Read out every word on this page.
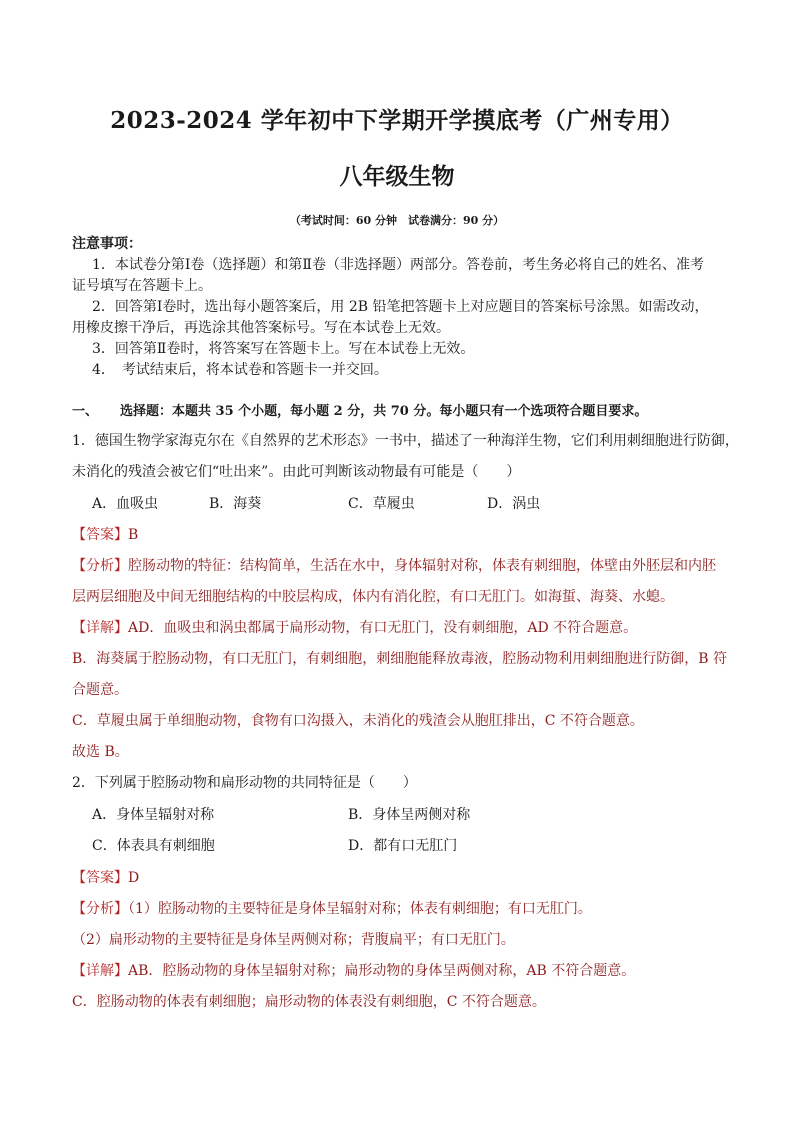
2023-2024 学年初中下学期开学摸底考（广州专用）
八年级生物
（考试时间：60 分钟　试卷满分：90 分）
注意事项：
1．本试卷分第Ⅰ卷（选择题）和第Ⅱ卷（非选择题）两部分。答卷前，考生务必将自己的姓名、准考
证号填写在答题卡上。
2．回答第Ⅰ卷时，选出每小题答案后，用 2B 铅笔把答题卡上对应题目的答案标号涂黑。如需改动，
用橡皮擦干净后，再选涂其他答案标号。写在本试卷上无效。
3．回答第Ⅱ卷时，将答案写在答题卡上。写在本试卷上无效。
4．　考试结束后，将本试卷和答题卡一并交回。
一、 选择题：本题共 35 个小题，每小题 2 分，共 70 分。每小题只有一个选项符合题目要求。
1．德国生物学家海克尔在《自然界的艺术形态》一书中，描述了一种海洋生物，它们利用刺细胞进行防御，
未消化的残渣会被它们“吐出来”。由此可判断该动物最有可能是（　　）
A．血吸虫	B．海葵	C．草履虫	D．涡虫
【答案】B
【分析】腔肠动物的特征：结构简单，生活在水中，身体辐射对称，体表有刺细胞，体壁由外胚层和内胚
层两层细胞及中间无细胞结构的中胶层构成，体内有消化腔，有口无肛门。如海蜇、海葵、水螅。
【详解】AD．血吸虫和涡虫都属于扁形动物，有口无肛门，没有刺细胞，AD 不符合题意。
B．海葵属于腔肠动物，有口无肛门，有刺细胞，刺细胞能释放毒液，腔肠动物利用刺细胞进行防御，B 符
合题意。
C．草履虫属于单细胞动物，食物有口沟摄入，未消化的残渣会从胞肛排出，C 不符合题意。
故选 B。
2．下列属于腔肠动物和扁形动物的共同特征是（　　）
A．身体呈辐射对称	B．身体呈两侧对称
C．体表具有刺细胞	D．都有口无肛门
【答案】D
【分析】（1）腔肠动物的主要特征是身体呈辐射对称；体表有刺细胞；有口无肛门。
（2）扁形动物的主要特征是身体呈两侧对称；背腹扁平；有口无肛门。
【详解】AB．腔肠动物的身体呈辐射对称；扁形动物的身体呈两侧对称，AB 不符合题意。
C．腔肠动物的体表有刺细胞；扁形动物的体表没有刺细胞，C 不符合题意。
